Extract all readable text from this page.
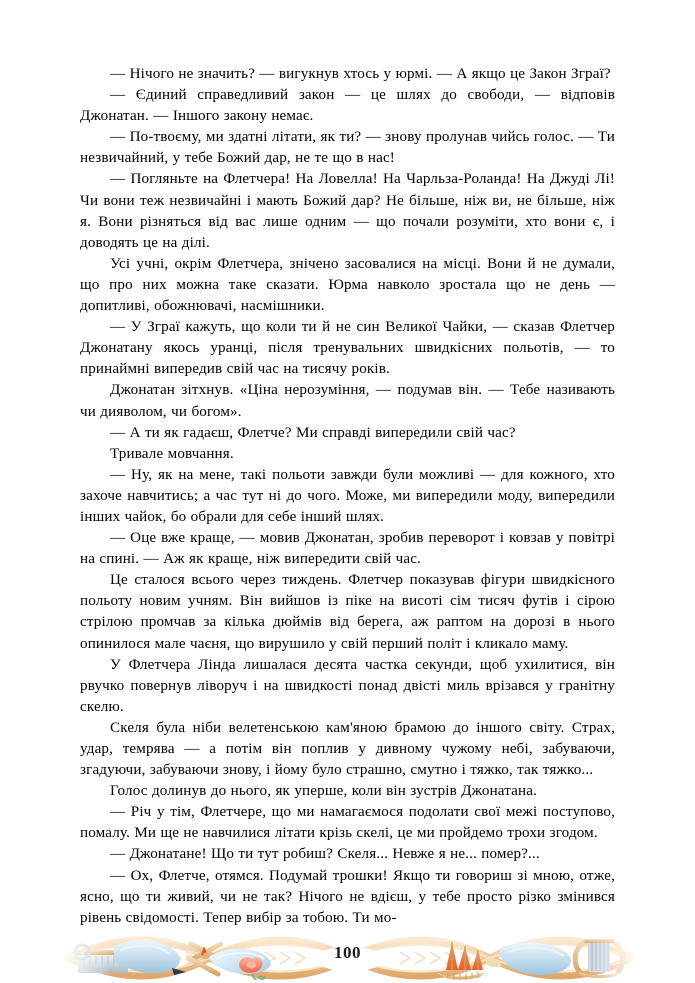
— Нічого не значить? — вигукнув хтось у юрмі. — А якщо це Закон Зграї?

— Єдиний справедливий закон — це шлях до свободи, — відповів Джонатан. — Іншого закону немає.

— По-твоєму, ми здатні літати, як ти? — знову пролунав чийсь голос. — Ти незвичайний, у тебе Божий дар, не те що в нас!

— Погляньте на Флетчера! На Ловелла! На Чарльза-Роланда! На Джуді Лі! Чи вони теж незвичайні і мають Божий дар? Не більше, ніж ви, не більше, ніж я. Вони різняться від вас лише одним — що почали розуміти, хто вони є, і доводять це на ділі.

Усі учні, окрім Флетчера, знічено засовалися на місці. Вони й не думали, що про них можна таке сказати. Юрма навколо зростала що не день — допитливі, обожнювачі, насмішники.

— У Зграї кажуть, що коли ти й не син Великої Чайки, — сказав Флетчер Джонатану якось уранці, після тренувальних швидкісних польотів, — то принаймні випередив свій час на тисячу років.

Джонатан зітхнув. «Ціна нерозуміння, — подумав він. — Тебе називають чи дияволом, чи богом».

— А ти як гадаєш, Флетче? Ми справді випередили свій час?

Тривале мовчання.

— Ну, як на мене, такі польоти завжди були можливі — для кожного, хто захоче навчитись; а час тут ні до чого. Може, ми випередили моду, випередили інших чайок, бо обрали для себе інший шлях.

— Оце вже краще, — мовив Джонатан, зробив переворот і ковзав у повітрі на спині. — Аж як краще, ніж випередити свій час.

Це сталося всього через тиждень. Флетчер показував фігури швидкісного польоту новим учням. Він вийшов із піке на висоті сім тисяч футів і сірою стрілою промчав за кілька дюймів від берега, аж раптом на дорозі в нього опинилося мале чаєня, що вирушило у свій перший політ і кликало маму.

У Флетчера Лінда лишалася десята частка секунди, щоб ухилитися, він рвучко повернув ліворуч і на швидкості понад двісті миль врізався у гранітну скелю.

Скеля була ніби велетенською кам'яною брамою до іншого світу. Страх, удар, темрява — а потім він поплив у дивному чужому небі, забуваючи, згадуючи, забуваючи знову, і йому було страшно, смутно і тяжко, так тяжко...

Голос долинув до нього, як уперше, коли він зустрів Джонатана.

— Річ у тім, Флетчере, що ми намагаємося подолати свої межі поступово, помалу. Ми ще не навчилися літати крізь скелі, це ми пройдемо трохи згодом.

— Джонатане! Що ти тут робиш? Скеля... Невже я не... помер?...

— Ох, Флетче, отямся. Подумай трошки! Якщо ти говориш зі мною, отже, ясно, що ти живий, чи не так? Нічого не вдієш, у тебе просто різко змінився рівень свідомості. Тепер вибір за тобою. Ти мо-

100
